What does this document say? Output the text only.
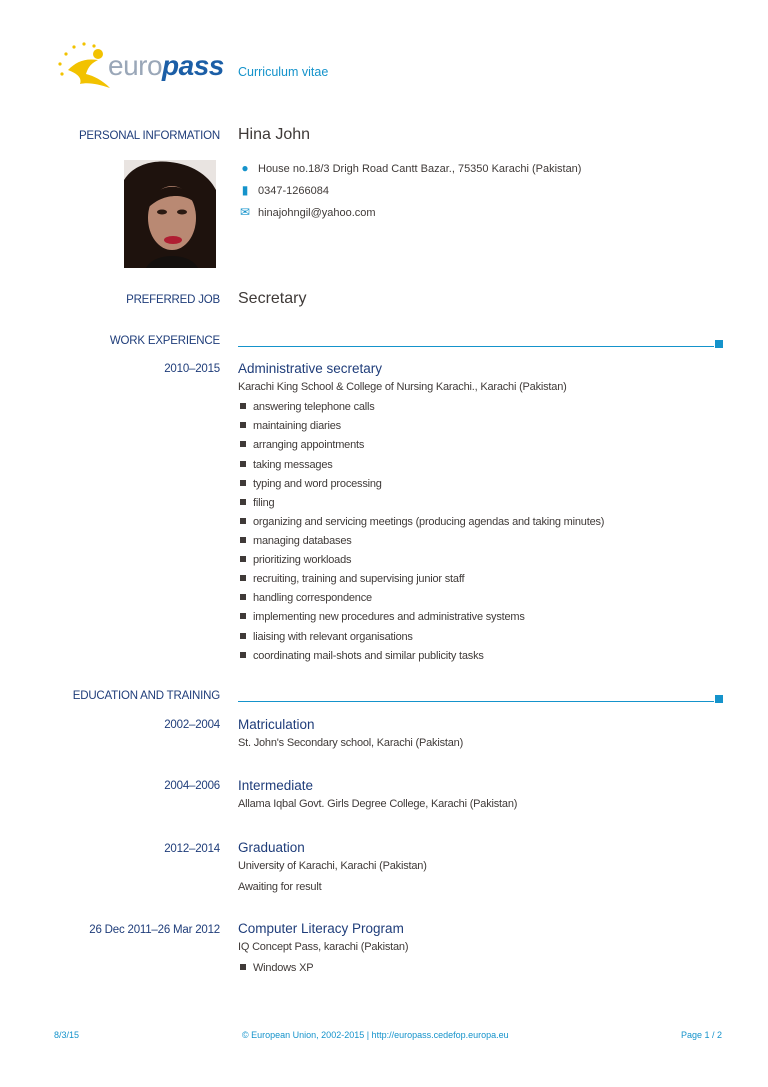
europass Curriculum vitae
PERSONAL INFORMATION Hina John
● House no.18/3 Drigh Road Cantt Bazar., 75350 Karachi (Pakistan)
▮ 0347-1266084
✉ hinajohngil@yahoo.com
PREFERRED JOB Secretary
WORK EXPERIENCE
2010–2015 Administrative secretary
Karachi King School & College of Nursing Karachi., Karachi (Pakistan)
answering telephone calls
maintaining diaries
arranging appointments
taking messages
typing and word processing
filing
organizing and servicing meetings (producing agendas and taking minutes)
managing databases
prioritizing workloads
recruiting, training and supervising junior staff
handling correspondence
implementing new procedures and administrative systems
liaising with relevant organisations
coordinating mail-shots and similar publicity tasks
EDUCATION AND TRAINING
2002–2004 Matriculation
St. John's Secondary school, Karachi (Pakistan)
2004–2006 Intermediate
Allama Iqbal Govt. Girls Degree College, Karachi (Pakistan)
2012–2014 Graduation
University of Karachi, Karachi (Pakistan)
Awaiting for result
26 Dec 2011–26 Mar 2012 Computer Literacy Program
IQ Concept Pass, karachi (Pakistan)
Windows XP
8/3/15	© European Union, 2002-2015 | http://europass.cedefop.europa.eu	Page 1 / 2
